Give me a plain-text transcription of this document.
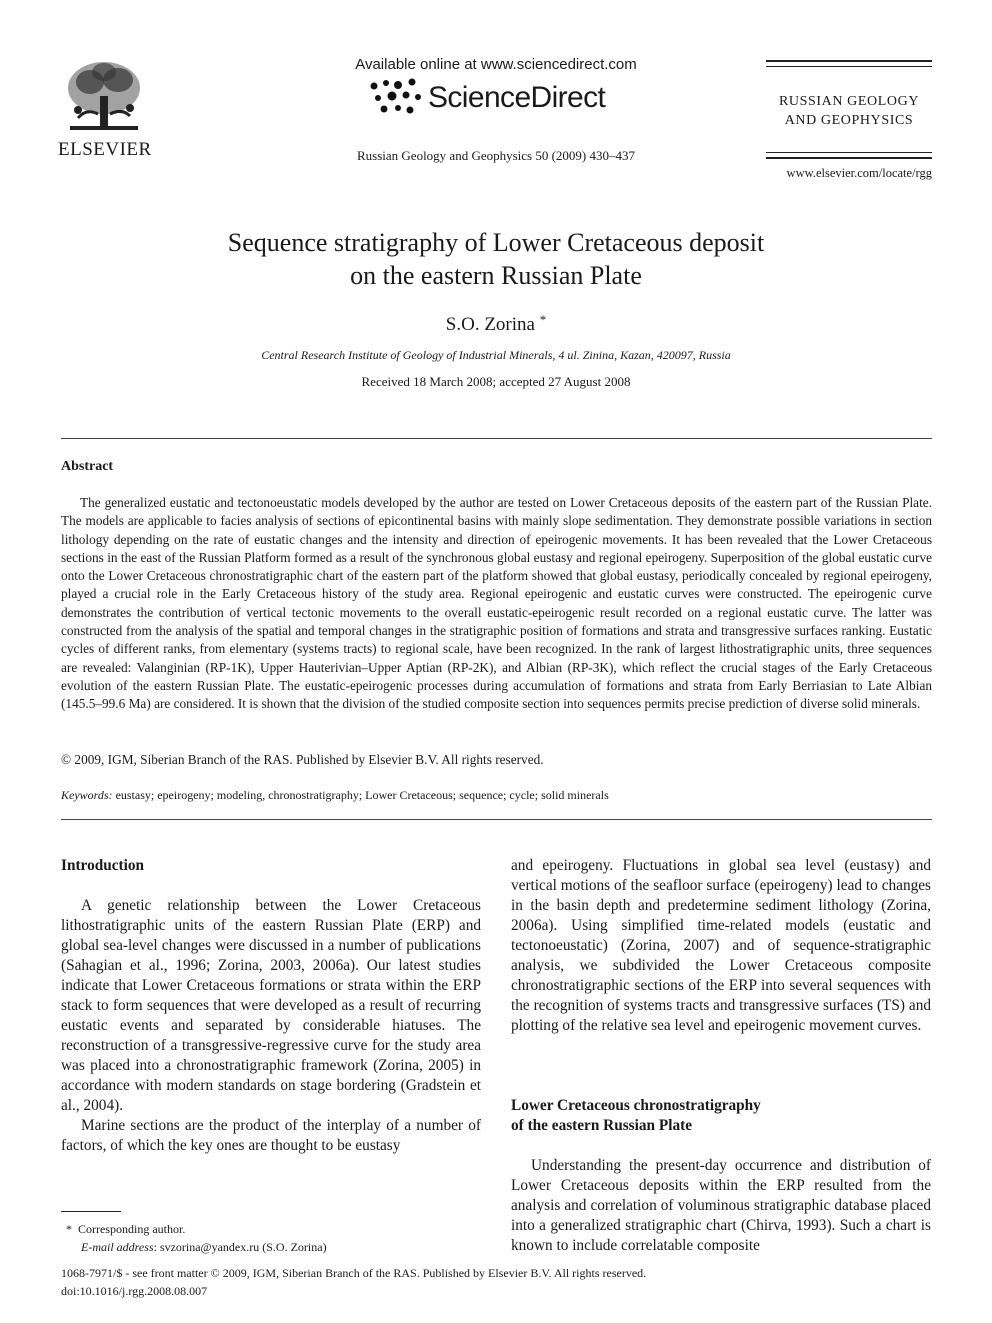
ELSEVIER
Available online at www.sciencedirect.com
ScienceDirect
Russian Geology and Geophysics 50 (2009) 430–437
RUSSIAN GEOLOGY
AND GEOPHYSICS
www.elsevier.com/locate/rgg
Sequence stratigraphy of Lower Cretaceous deposit
on the eastern Russian Plate
S.O. Zorina *
Central Research Institute of Geology of Industrial Minerals, 4 ul. Zinina, Kazan, 420097, Russia
Received 18 March 2008; accepted 27 August 2008
Abstract

The generalized eustatic and tectonoeustatic models developed by the author are tested on Lower Cretaceous deposits of the eastern part of the Russian Plate. The models are applicable to facies analysis of sections of epicontinental basins with mainly slope sedimentation. They demonstrate possible variations in section lithology depending on the rate of eustatic changes and the intensity and direction of epeirogenic movements. It has been revealed that the Lower Cretaceous sections in the east of the Russian Platform formed as a result of the synchronous global eustasy and regional epeirogeny. Superposition of the global eustatic curve onto the Lower Cretaceous chronostratigraphic chart of the eastern part of the platform showed that global eustasy, periodically concealed by regional epeirogeny, played a crucial role in the Early Cretaceous history of the study area. Regional epeirogenic and eustatic curves were constructed. The epeirogenic curve demonstrates the contribution of vertical tectonic movements to the overall eustatic-epeirogenic result recorded on a regional eustatic curve. The latter was constructed from the analysis of the spatial and temporal changes in the stratigraphic position of formations and strata and transgressive surfaces ranking. Eustatic cycles of different ranks, from elementary (systems tracts) to regional scale, have been recognized. In the rank of largest lithostratigraphic units, three sequences are revealed: Valanginian (RP-1K), Upper Hauterivian–Upper Aptian (RP-2K), and Albian (RP-3K), which reflect the crucial stages of the Early Cretaceous evolution of the eastern Russian Plate. The eustatic-epeirogenic processes during accumulation of formations and strata from Early Berriasian to Late Albian (145.5–99.6 Ma) are considered. It is shown that the division of the studied composite section into sequences permits precise prediction of diverse solid minerals.

© 2009, IGM, Siberian Branch of the RAS. Published by Elsevier B.V. All rights reserved.
Keywords: eustasy; epeirogeny; modeling, chronostratigraphy; Lower Cretaceous; sequence; cycle; solid minerals
Introduction

A genetic relationship between the Lower Cretaceous lithostratigraphic units of the eastern Russian Plate (ERP) and global sea-level changes were discussed in a number of publications (Sahagian et al., 1996; Zorina, 2003, 2006a). Our latest studies indicate that Lower Cretaceous formations or strata within the ERP stack to form sequences that were developed as a result of recurring eustatic events and separated by considerable hiatuses. The reconstruction of a transgressive-regressive curve for the study area was placed into a chronostratigraphic framework (Zorina, 2005) in accordance with modern standards on stage bordering (Gradstein et al., 2004).

Marine sections are the product of the interplay of a number of factors, of which the key ones are thought to be eustasy

and epeirogeny. Fluctuations in global sea level (eustasy) and vertical motions of the seafloor surface (epeirogeny) lead to changes in the basin depth and predetermine sediment lithology (Zorina, 2006a). Using simplified time-related models (eustatic and tectonoeustatic) (Zorina, 2007) and of sequence-stratigraphic analysis, we subdivided the Lower Cretaceous composite chronostratigraphic sections of the ERP into several sequences with the recognition of systems tracts and transgressive surfaces (TS) and plotting of the relative sea level and epeirogenic movement curves.

Lower Cretaceous chronostratigraphy
of the eastern Russian Plate

Understanding the present-day occurrence and distribution of Lower Cretaceous deposits within the ERP resulted from the analysis and correlation of voluminous stratigraphic database placed into a generalized stratigraphic chart (Chirva, 1993). Such a chart is known to include correlatable composite

* Corresponding author.
E-mail address: svzorina@yandex.ru (S.O. Zorina)
1068-7971/$ - see front matter © 2009, IGM, Siberian Branch of the RAS. Published by Elsevier B.V. All rights reserved.
doi:10.1016/j.rgg.2008.08.007
